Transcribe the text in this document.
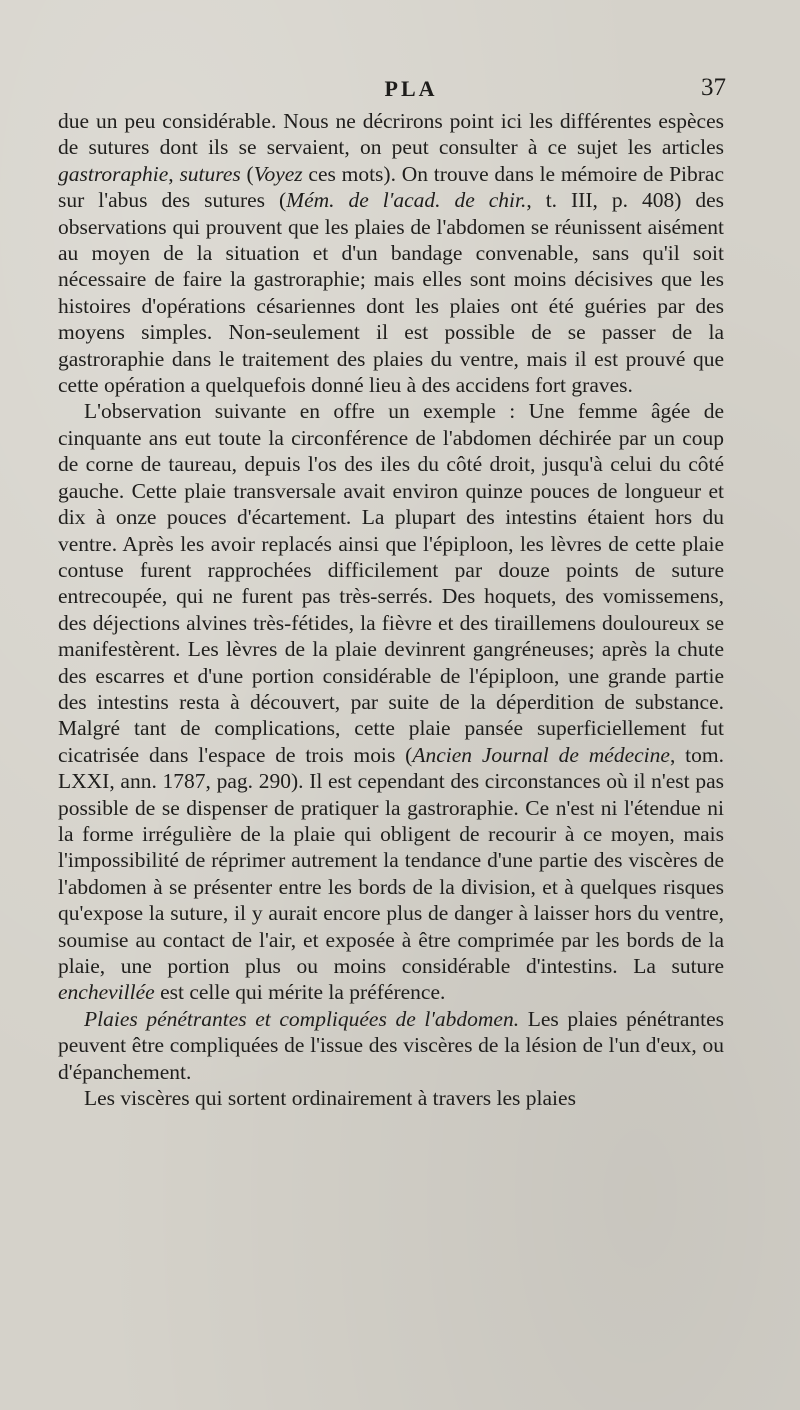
PLA	37

due un peu considérable. Nous ne décrirons point ici les différentes espèces de sutures dont ils se servaient, on peut consulter à ce sujet les articles gastroraphie, sutures (Voyez ces mots). On trouve dans le mémoire de Pibrac sur l'abus des sutures (Mém. de l'acad. de chir., t. III, p. 408) des observations qui prouvent que les plaies de l'abdomen se réunissent aisément au moyen de la situation et d'un bandage convenable, sans qu'il soit nécessaire de faire la gastroraphie; mais elles sont moins décisives que les histoires d'opérations césariennes dont les plaies ont été guéries par des moyens simples. Non-seulement il est possible de se passer de la gastroraphie dans le traitement des plaies du ventre, mais il est prouvé que cette opération a quelquefois donné lieu à des accidens fort graves.

L'observation suivante en offre un exemple : Une femme âgée de cinquante ans eut toute la circonférence de l'abdomen déchirée par un coup de corne de taureau, depuis l'os des iles du côté droit, jusqu'à celui du côté gauche. Cette plaie transversale avait environ quinze pouces de longueur et dix à onze pouces d'écartement. La plupart des intestins étaient hors du ventre. Après les avoir replacés ainsi que l'épiploon, les lèvres de cette plaie contuse furent rapprochées difficilement par douze points de suture entrecoupée, qui ne furent pas très-serrés. Des hoquets, des vomissemens, des déjections alvines très-fétides, la fièvre et des tiraillemens douloureux se manifestèrent. Les lèvres de la plaie devinrent gangréneuses; après la chute des escarres et d'une portion considérable de l'épiploon, une grande partie des intestins resta à découvert, par suite de la déperdition de substance. Malgré tant de complications, cette plaie pansée superficiellement fut cicatrisée dans l'espace de trois mois (Ancien Journal de médecine, tom. LXXI, ann. 1787, pag. 290). Il est cependant des circonstances où il n'est pas possible de se dispenser de pratiquer la gastroraphie. Ce n'est ni l'étendue ni la forme irrégulière de la plaie qui obligent de recourir à ce moyen, mais l'impossibilité de réprimer autrement la tendance d'une partie des viscères de l'abdomen à se présenter entre les bords de la division, et à quelques risques qu'expose la suture, il y aurait encore plus de danger à laisser hors du ventre, soumise au contact de l'air, et exposée à être comprimée par les bords de la plaie, une portion plus ou moins considérable d'intestins. La suture enchevillée est celle qui mérite la préférence.

Plaies pénétrantes et compliquées de l'abdomen. Les plaies pénétrantes peuvent être compliquées de l'issue des viscères de la lésion de l'un d'eux, ou d'épanchement.

Les viscères qui sortent ordinairement à travers les plaies
